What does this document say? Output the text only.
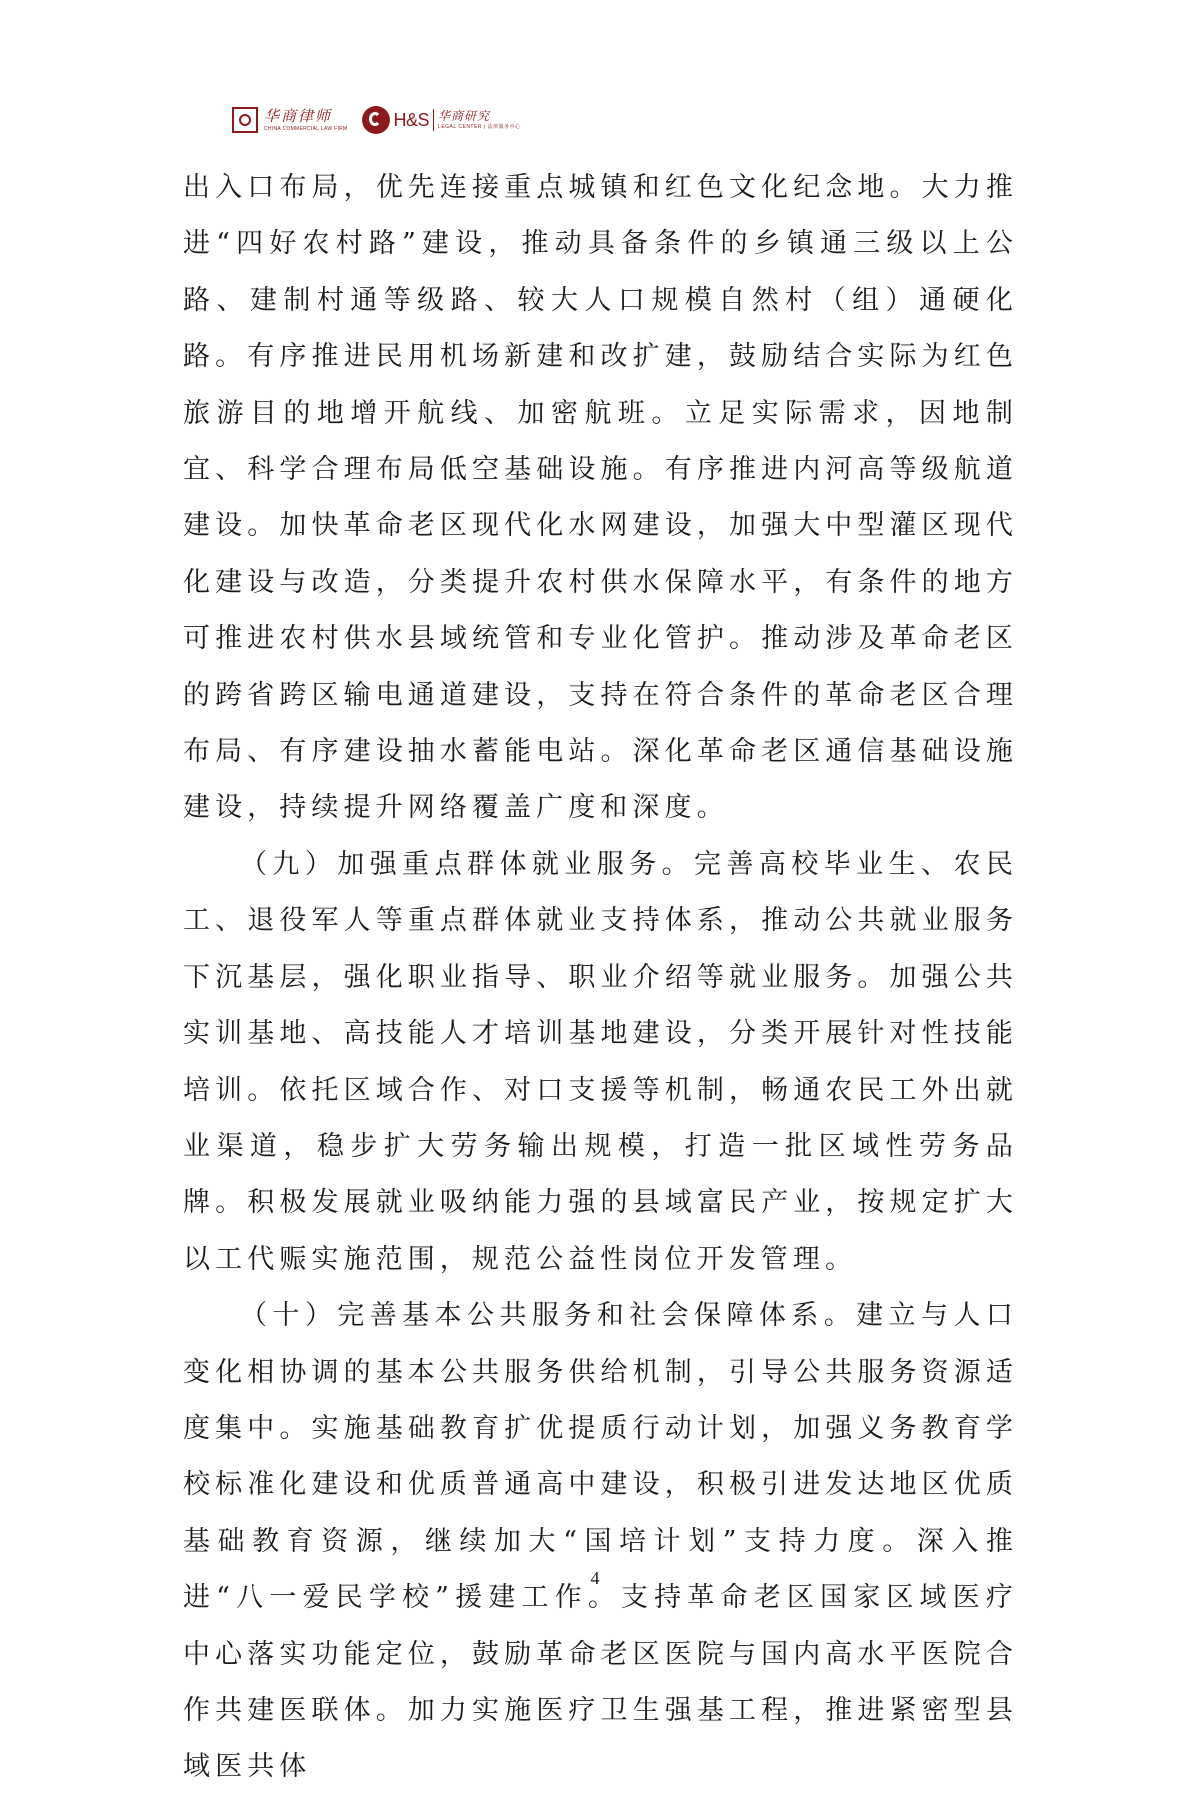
华商律师
CHINA COMMERCIAL LAW FIRM	H&S 华商研究
LEGAL CENTER | 法律服务中心

出入口布局，优先连接重点城镇和红色文化纪念地。大力推进“四好农村路”建设，推动具备条件的乡镇通三级以上公路、建制村通等级路、较大人口规模自然村（组）通硬化路。有序推进民用机场新建和改扩建，鼓励结合实际为红色旅游目的地增开航线、加密航班。立足实际需求，因地制宜、科学合理布局低空基础设施。有序推进内河高等级航道建设。加快革命老区现代化水网建设，加强大中型灌区现代化建设与改造，分类提升农村供水保障水平，有条件的地方可推进农村供水县域统管和专业化管护。推动涉及革命老区的跨省跨区输电通道建设，支持在符合条件的革命老区合理布局、有序建设抽水蓄能电站。深化革命老区通信基础设施建设，持续提升网络覆盖广度和深度。

（九）加强重点群体就业服务。完善高校毕业生、农民工、退役军人等重点群体就业支持体系，推动公共就业服务下沉基层，强化职业指导、职业介绍等就业服务。加强公共实训基地、高技能人才培训基地建设，分类开展针对性技能培训。依托区域合作、对口支援等机制，畅通农民工外出就业渠道，稳步扩大劳务输出规模，打造一批区域性劳务品牌。积极发展就业吸纳能力强的县域富民产业，按规定扩大以工代赈实施范围，规范公益性岗位开发管理。

（十）完善基本公共服务和社会保障体系。建立与人口变化相协调的基本公共服务供给机制，引导公共服务资源适度集中。实施基础教育扩优提质行动计划，加强义务教育学校标准化建设和优质普通高中建设，积极引进发达地区优质基础教育资源，继续加大“国培计划”支持力度。深入推进“八一爱民学校”援建工作。支持革命老区国家区域医疗中心落实功能定位，鼓励革命老区医院与国内高水平医院合作共建医联体。加力实施医疗卫生强基工程，推进紧密型县域医共体

4
